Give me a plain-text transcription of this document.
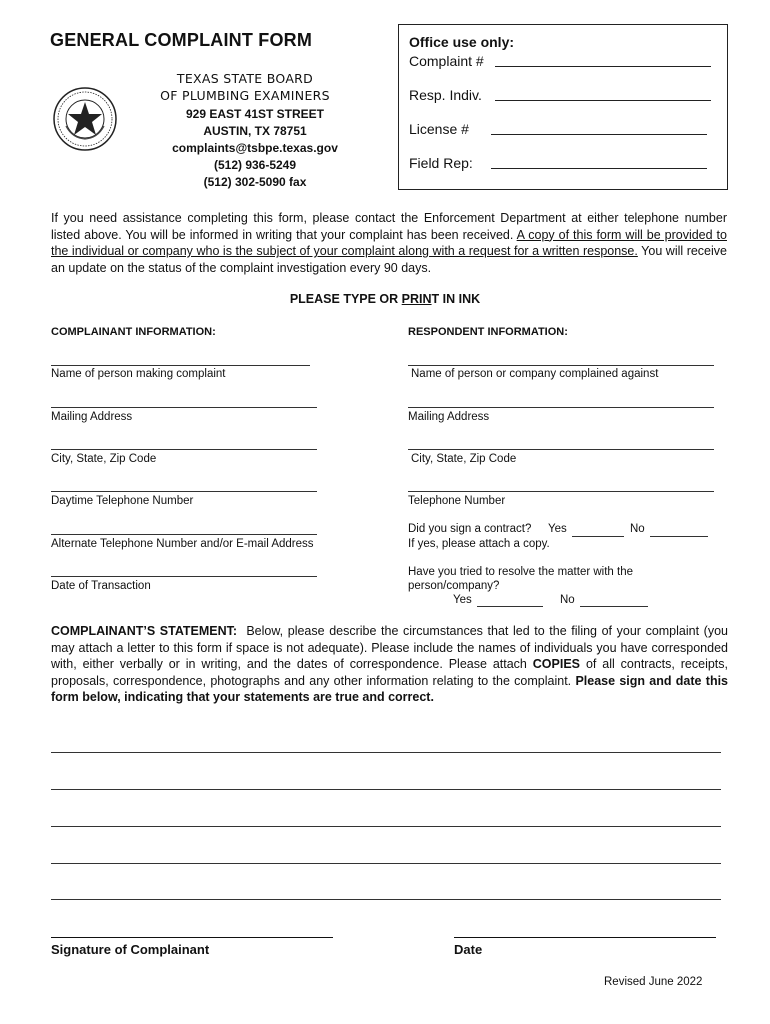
GENERAL COMPLAINT FORM
TEXAS STATE BOARD
OF PLUMBING EXAMINERS
929 EAST 41ST STREET
AUSTIN, TX 78751
complaints@tsbpe.texas.gov
(512) 936-5249
(512) 302-5090 fax
Office use only:
Complaint #
Resp. Indiv.
License #
Field Rep:
If you need assistance completing this form, please contact the Enforcement Department at either telephone number listed above. You will be informed in writing that your complaint has been received. A copy of this form will be provided to the individual or company who is the subject of your complaint along with a request for a written response. You will receive an update on the status of the complaint investigation every 90 days.
PLEASE TYPE OR PRINT IN INK
COMPLAINANT INFORMATION:	RESPONDENT INFORMATION:
Name of person making complaint
Mailing Address
City, State, Zip Code
Daytime Telephone Number
Alternate Telephone Number and/or E-mail Address
Date of Transaction
Name of person or company complained against
Mailing Address
City, State, Zip Code
Telephone Number
Did you sign a contract? Yes	No
If yes, please attach a copy.
Have you tried to resolve the matter with the
person/company?
Yes	No
COMPLAINANT’S STATEMENT: Below, please describe the circumstances that led to the filing of your complaint (you may attach a letter to this form if space is not adequate). Please include the names of individuals you have corresponded with, either verbally or in writing, and the dates of correspondence. Please attach COPIES of all contracts, receipts, proposals, correspondence, photographs and any other information relating to the complaint. Please sign and date this form below, indicating that your statements are true and correct.
Signature of Complainant	Date
Revised June 2022
